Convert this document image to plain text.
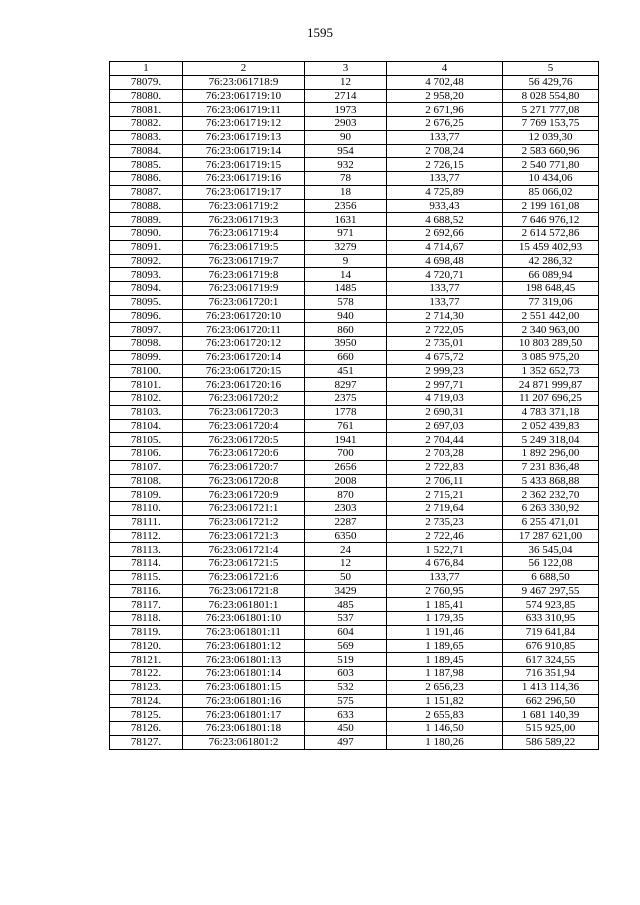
1595
1	2	3	4	5
78079.	76:23:061718:9	12	4 702,48	56 429,76
78080.	76:23:061719:10	2714	2 958,20	8 028 554,80
78081.	76:23:061719:11	1973	2 671,96	5 271 777,08
78082.	76:23:061719:12	2903	2 676,25	7 769 153,75
78083.	76:23:061719:13	90	133,77	12 039,30
78084.	76:23:061719:14	954	2 708,24	2 583 660,96
78085.	76:23:061719:15	932	2 726,15	2 540 771,80
78086.	76:23:061719:16	78	133,77	10 434,06
78087.	76:23:061719:17	18	4 725,89	85 066,02
78088.	76:23:061719:2	2356	933,43	2 199 161,08
78089.	76:23:061719:3	1631	4 688,52	7 646 976,12
78090.	76:23:061719:4	971	2 692,66	2 614 572,86
78091.	76:23:061719:5	3279	4 714,67	15 459 402,93
78092.	76:23:061719:7	9	4 698,48	42 286,32
78093.	76:23:061719:8	14	4 720,71	66 089,94
78094.	76:23:061719:9	1485	133,77	198 648,45
78095.	76:23:061720:1	578	133,77	77 319,06
78096.	76:23:061720:10	940	2 714,30	2 551 442,00
78097.	76:23:061720:11	860	2 722,05	2 340 963,00
78098.	76:23:061720:12	3950	2 735,01	10 803 289,50
78099.	76:23:061720:14	660	4 675,72	3 085 975,20
78100.	76:23:061720:15	451	2 999,23	1 352 652,73
78101.	76:23:061720:16	8297	2 997,71	24 871 999,87
78102.	76:23:061720:2	2375	4 719,03	11 207 696,25
78103.	76:23:061720:3	1778	2 690,31	4 783 371,18
78104.	76:23:061720:4	761	2 697,03	2 052 439,83
78105.	76:23:061720:5	1941	2 704,44	5 249 318,04
78106.	76:23:061720:6	700	2 703,28	1 892 296,00
78107.	76:23:061720:7	2656	2 722,83	7 231 836,48
78108.	76:23:061720:8	2008	2 706,11	5 433 868,88
78109.	76:23:061720:9	870	2 715,21	2 362 232,70
78110.	76:23:061721:1	2303	2 719,64	6 263 330,92
78111.	76:23:061721:2	2287	2 735,23	6 255 471,01
78112.	76:23:061721:3	6350	2 722,46	17 287 621,00
78113.	76:23:061721:4	24	1 522,71	36 545,04
78114.	76:23:061721:5	12	4 676,84	56 122,08
78115.	76:23:061721:6	50	133,77	6 688,50
78116.	76:23:061721:8	3429	2 760,95	9 467 297,55
78117.	76:23:061801:1	485	1 185,41	574 923,85
78118.	76:23:061801:10	537	1 179,35	633 310,95
78119.	76:23:061801:11	604	1 191,46	719 641,84
78120.	76:23:061801:12	569	1 189,65	676 910,85
78121.	76:23:061801:13	519	1 189,45	617 324,55
78122.	76:23:061801:14	603	1 187,98	716 351,94
78123.	76:23:061801:15	532	2 656,23	1 413 114,36
78124.	76:23:061801:16	575	1 151,82	662 296,50
78125.	76:23:061801:17	633	2 655,83	1 681 140,39
78126.	76:23:061801:18	450	1 146,50	515 925,00
78127.	76:23:061801:2	497	1 180,26	586 589,22
